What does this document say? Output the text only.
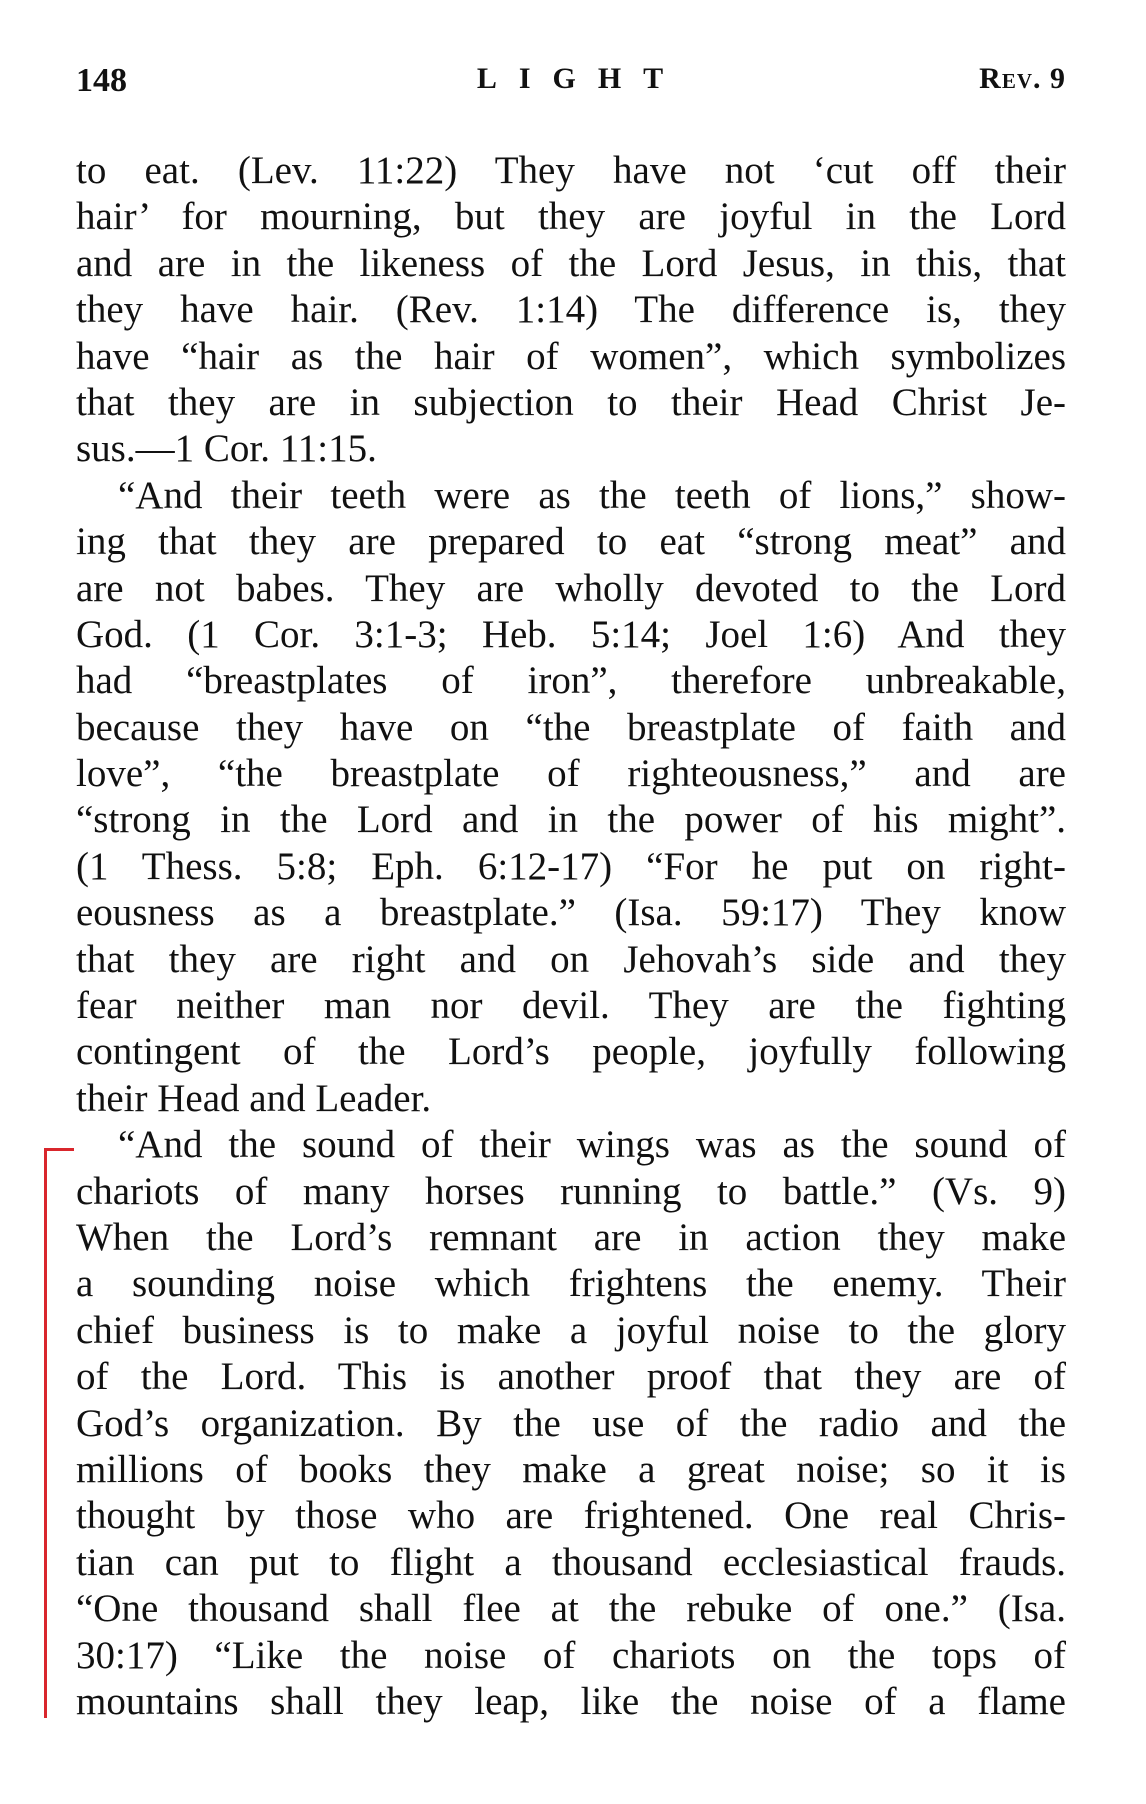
148	LIGHT	Rev. 9
to eat. (Lev. 11:22) They have not ‘cut off their
hair’ for mourning, but they are joyful in the Lord
and are in the likeness of the Lord Jesus, in this, that
they have hair. (Rev. 1:14) The difference is, they
have “hair as the hair of women”, which symbolizes
that they are in subjection to their Head Christ Je-
sus.—1 Cor. 11:15.
“And their teeth were as the teeth of lions,” show-
ing that they are prepared to eat “strong meat” and
are not babes. They are wholly devoted to the Lord
God. (1 Cor. 3:1-3; Heb. 5:14; Joel 1:6) And they
had “breastplates of iron”, therefore unbreakable,
because they have on “the breastplate of faith and
love”, “the breastplate of righteousness,” and are
“strong in the Lord and in the power of his might”.
(1 Thess. 5:8; Eph. 6:12-17) “For he put on right-
eousness as a breastplate.” (Isa. 59:17) They know
that they are right and on Jehovah’s side and they
fear neither man nor devil. They are the fighting
contingent of the Lord’s people, joyfully following
their Head and Leader.
“And the sound of their wings was as the sound of
chariots of many horses running to battle.” (Vs. 9)
When the Lord’s remnant are in action they make
a sounding noise which frightens the enemy. Their
chief business is to make a joyful noise to the glory
of the Lord. This is another proof that they are of
God’s organization. By the use of the radio and the
millions of books they make a great noise; so it is
thought by those who are frightened. One real Chris-
tian can put to flight a thousand ecclesiastical frauds.
“One thousand shall flee at the rebuke of one.” (Isa.
30:17) “Like the noise of chariots on the tops of
mountains shall they leap, like the noise of a flame
